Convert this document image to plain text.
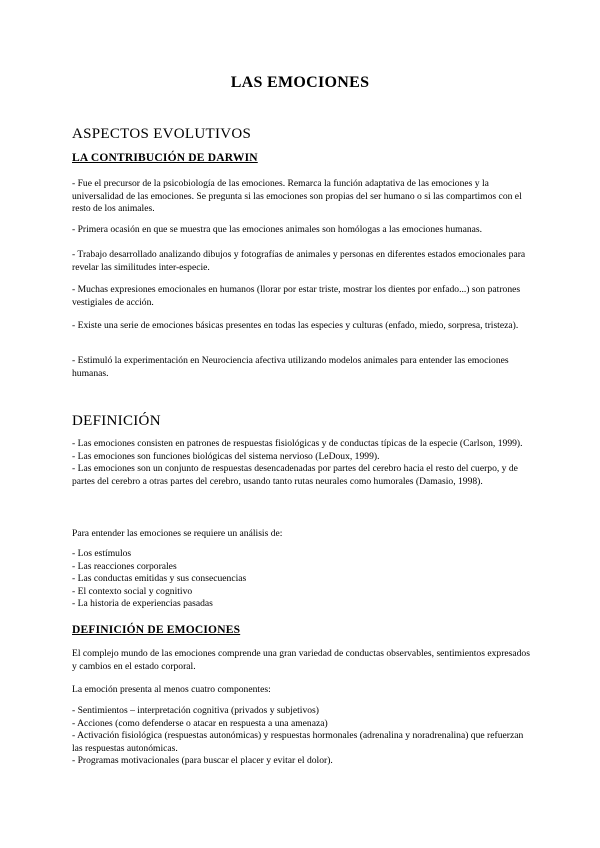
LAS EMOCIONES
ASPECTOS EVOLUTIVOS
LA CONTRIBUCIÓN DE DARWIN

- Fue el precursor de la psicobiología de las emociones. Remarca la función adaptativa de las emociones y la universalidad de las emociones. Se pregunta si las emociones son propias del ser humano o si las compartimos con el resto de los animales.

- Primera ocasión en que se muestra que las emociones animales son homólogas a las emociones humanas.

- Trabajo desarrollado analizando dibujos y fotografías de animales y personas en diferentes estados emocionales para revelar las similitudes inter-especie.

- Muchas expresiones emocionales en humanos (llorar por estar triste, mostrar los dientes por enfado...) son patrones vestigiales de acción.

- Existe una serie de emociones básicas presentes en todas las especies y culturas (enfado, miedo, sorpresa, tristeza).

- Estimuló la experimentación en Neurociencia afectiva utilizando modelos animales para entender las emociones humanas.

DEFINICIÓN
- Las emociones consisten en patrones de respuestas fisiológicas y de conductas típicas de la especie (Carlson, 1999).
- Las emociones son funciones biológicas del sistema nervioso (LeDoux, 1999).
- Las emociones son un conjunto de respuestas desencadenadas por partes del cerebro hacia el resto del cuerpo, y de partes del cerebro a otras partes del cerebro, usando tanto rutas neurales como humorales (Damasio, 1998).

Para entender las emociones se requiere un análisis de:

- Los estímulos
- Las reacciones corporales
- Las conductas emitidas y sus consecuencias
- El contexto social y cognitivo
- La historia de experiencias pasadas
DEFINICIÓN DE EMOCIONES

El complejo mundo de las emociones comprende una gran variedad de conductas observables, sentimientos expresados y cambios en el estado corporal.

La emoción presenta al menos cuatro componentes:

- Sentimientos – interpretación cognitiva (privados y subjetivos)
- Acciones (como defenderse o atacar en respuesta a una amenaza)
- Activación fisiológica (respuestas autonómicas) y respuestas hormonales (adrenalina y noradrenalina) que refuerzan las respuestas autonómicas.
- Programas motivacionales (para buscar el placer y evitar el dolor).
